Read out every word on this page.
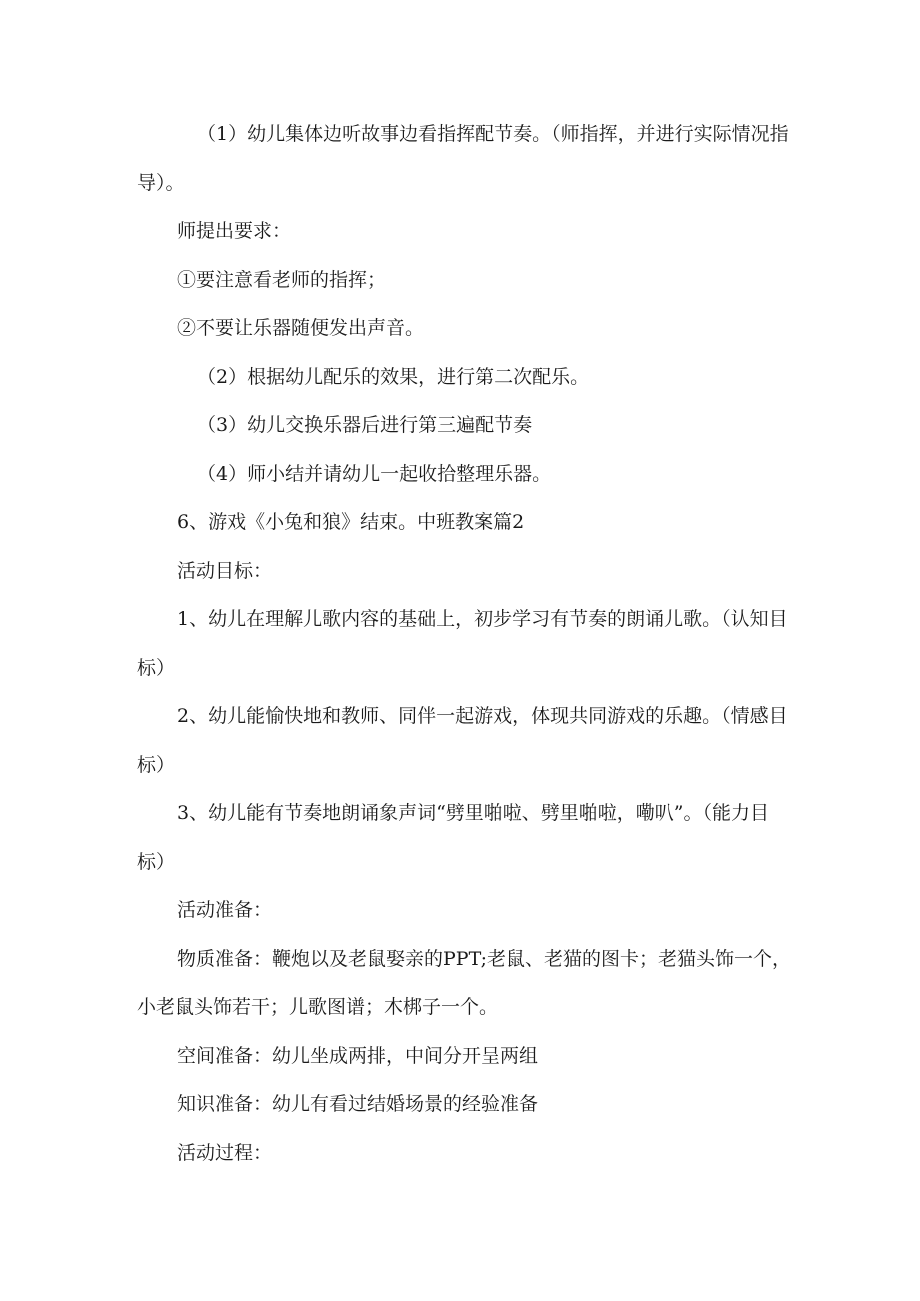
（1）幼儿集体边听故事边看指挥配节奏。（师指挥，并进行实际情况指导）。

师提出要求：

①要注意看老师的指挥；

②不要让乐器随便发出声音。

（2）根据幼儿配乐的效果，进行第二次配乐。

（3）幼儿交换乐器后进行第三遍配节奏

（4）师小结并请幼儿一起收拾整理乐器。

6、游戏《小兔和狼》结束。中班教案篇2

活动目标：

1、幼儿在理解儿歌内容的基础上，初步学习有节奏的朗诵儿歌。（认知目标）

2、幼儿能愉快地和教师、同伴一起游戏，体现共同游戏的乐趣。（情感目标）

3、幼儿能有节奏地朗诵象声词“劈里啪啦、劈里啪啦，嘞叭”。（能力目标）

活动准备：

物质准备：鞭炮以及老鼠娶亲的PPT;老鼠、老猫的图卡；老猫头饰一个，小老鼠头饰若干；儿歌图谱；木梆子一个。

空间准备：幼儿坐成两排，中间分开呈两组

知识准备：幼儿有看过结婚场景的经验准备

活动过程：
